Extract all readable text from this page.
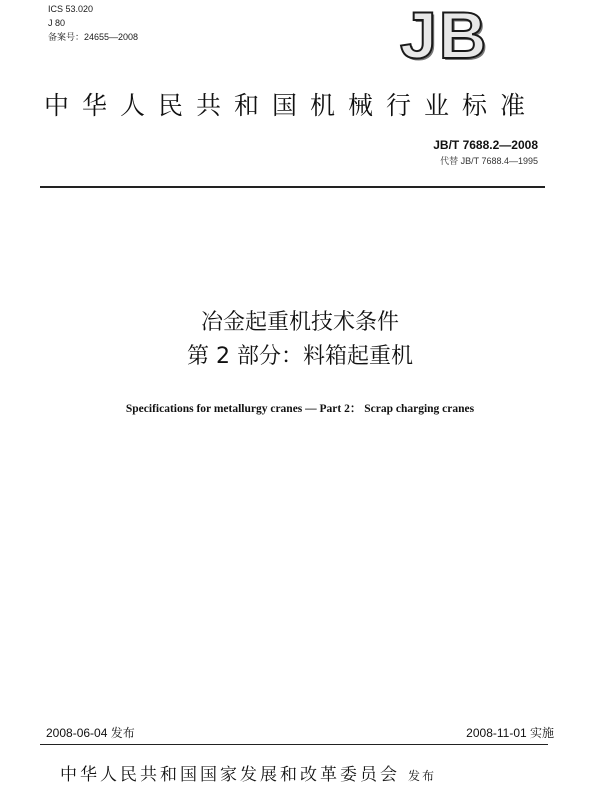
ICS 53.020
J 80
备案号：24655—2008	JB
中华人民共和国机械行业标准
JB/T 7688.2—2008
代替 JB/T 7688.4—1995
冶金起重机技术条件
第 2 部分：料箱起重机
Specifications for metallurgy cranes — Part 2： Scrap charging cranes
2008-06-04 发布	2008-11-01 实施
中华人民共和国国家发展和改革委员会 发布
